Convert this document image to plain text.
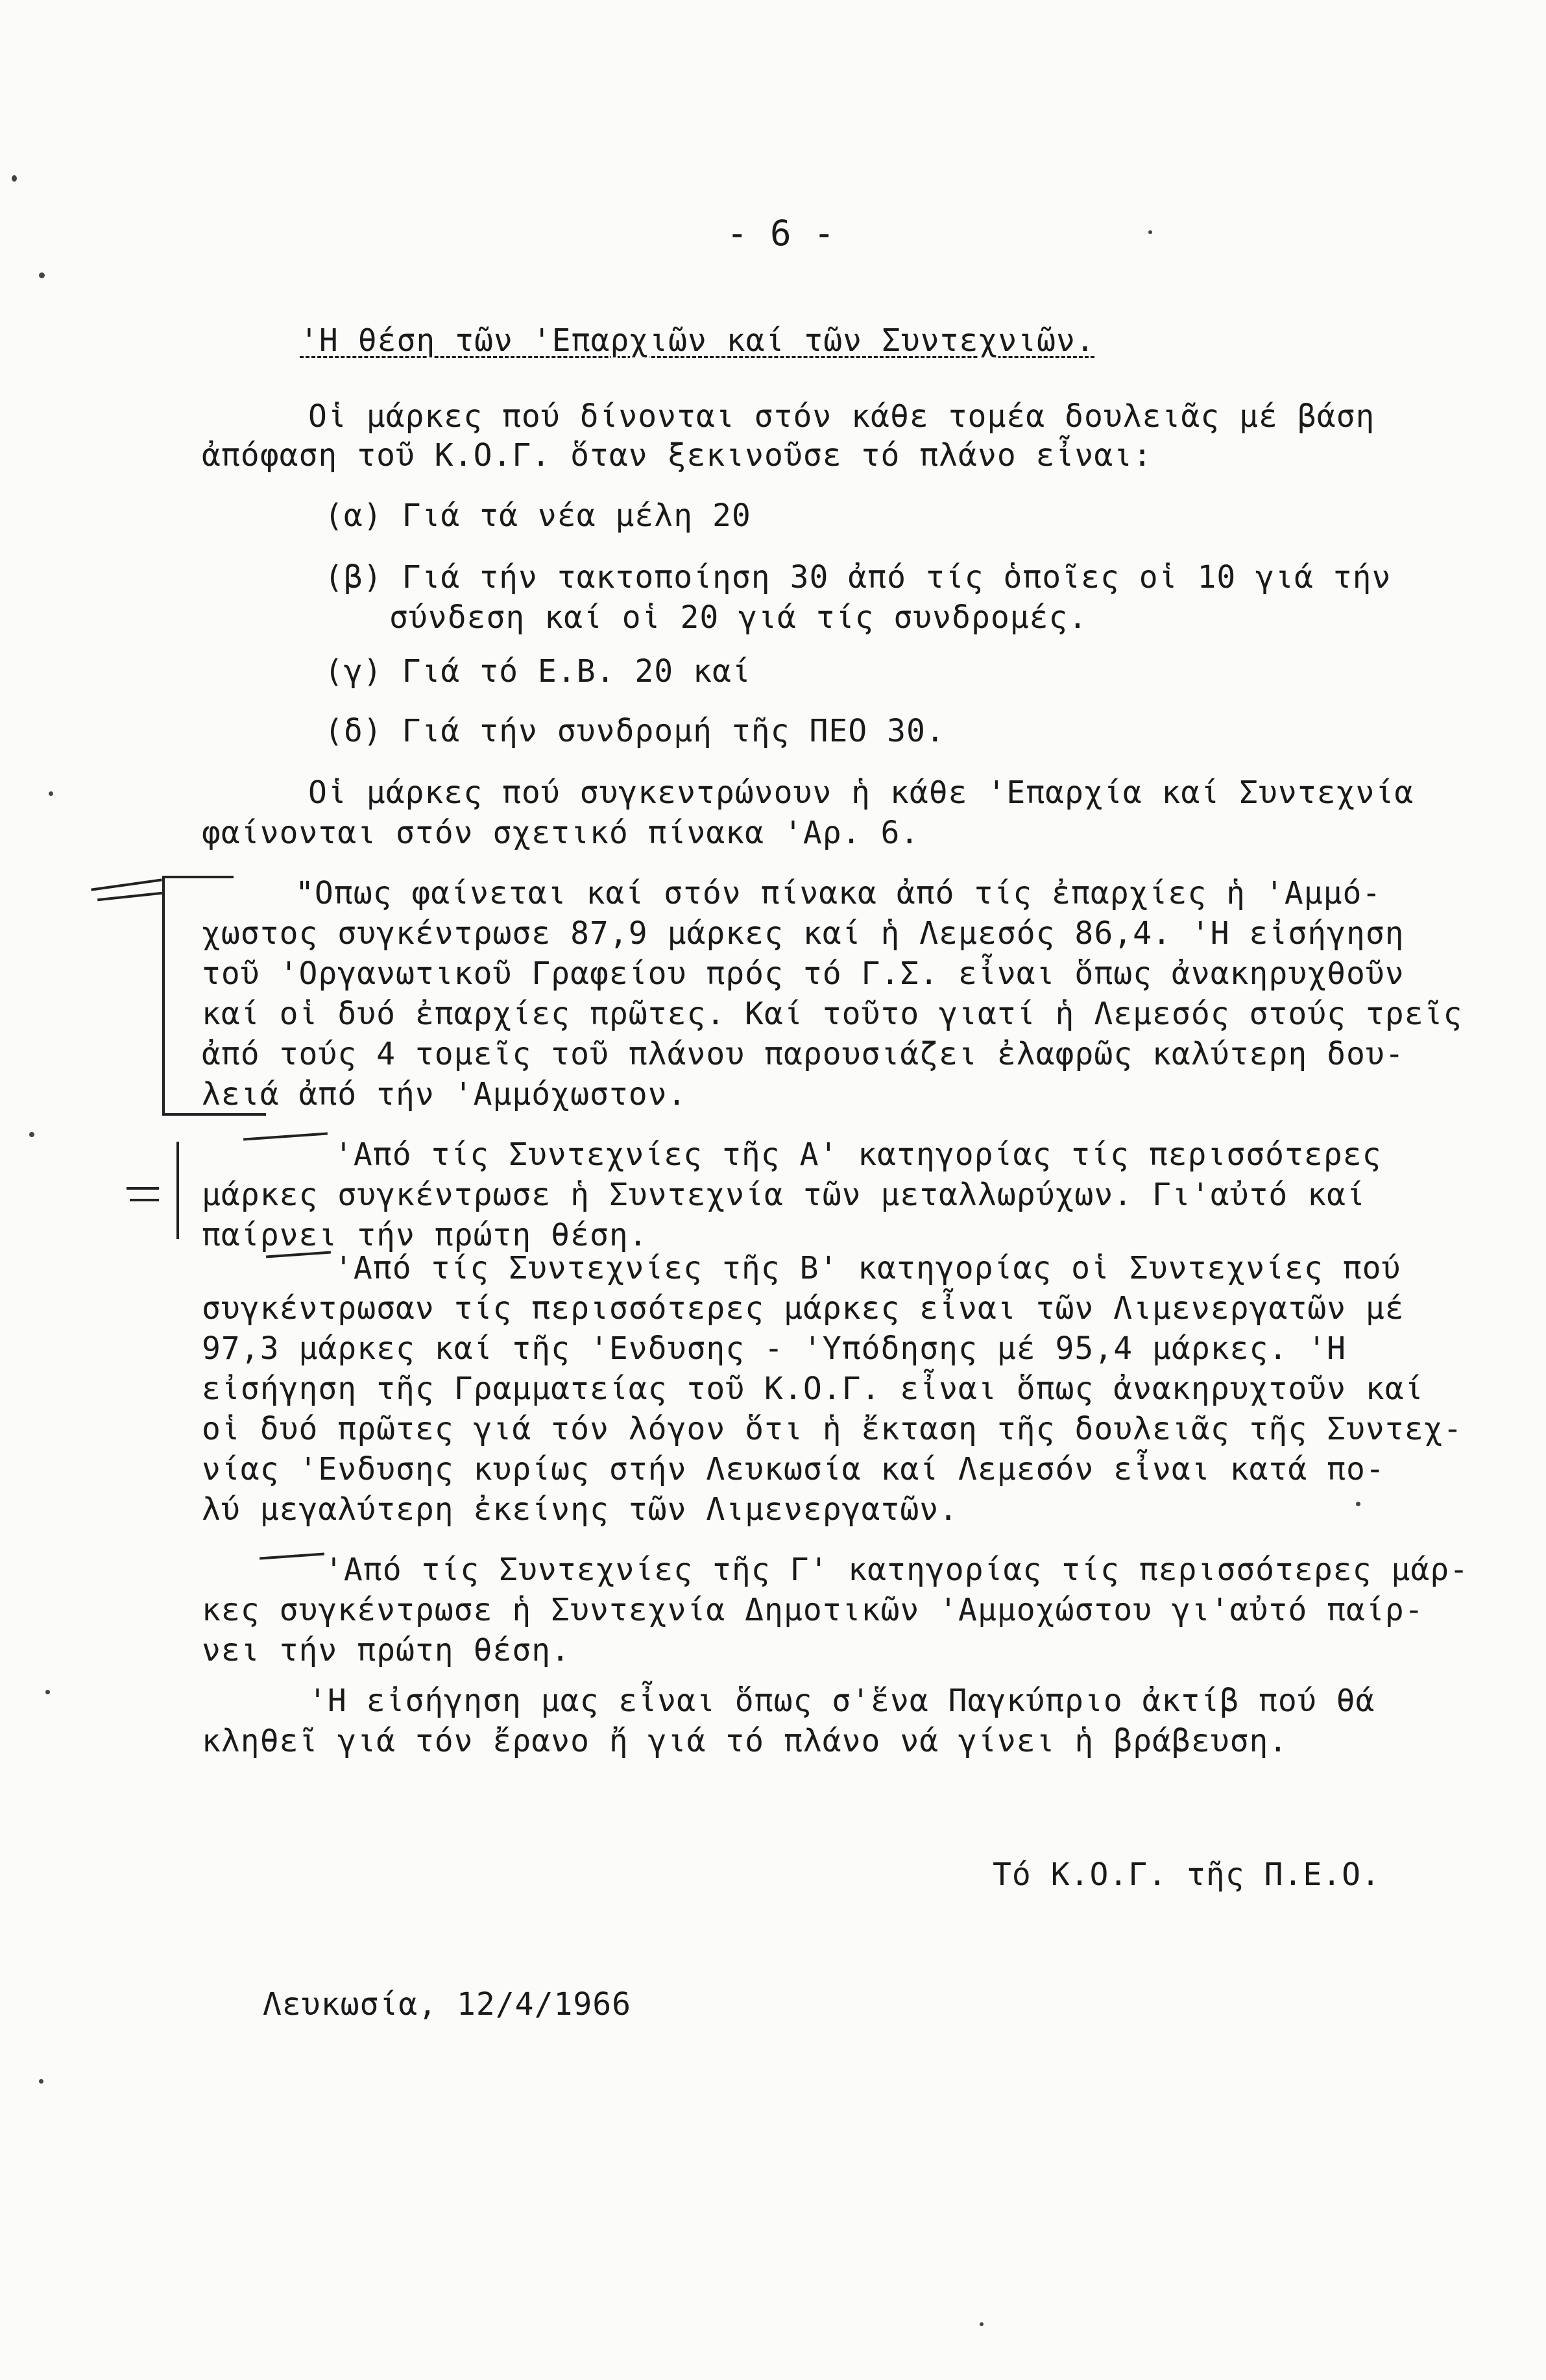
- 6 -
'Η θέση τῶν 'Επαρχιῶν καί τῶν Συντεχνιῶν.
Οἱ μάρκες πού δίνονται στόν κάθε τομέα δουλειᾶς μέ βάση
ἀπόφαση τοῦ Κ.Ο.Γ. ὅταν ξεκινοῦσε τό πλάνο εἶναι:
(α) Γιά τά νέα μέλη 20
(β) Γιά τήν τακτοποίηση 30 ἀπό τίς ὁποῖες οἱ 10 γιά τήν
σύνδεση καί οἱ 20 γιά τίς συνδρομές.
(γ) Γιά τό Ε.Β. 20 καί
(δ) Γιά τήν συνδρομή τῆς ΠΕΟ 30.
Οἱ μάρκες πού συγκεντρώνουν ἡ κάθε 'Επαρχία καί Συντεχνία
φαίνονται στόν σχετικό πίνακα 'Αρ. 6.
"Οπως φαίνεται καί στόν πίνακα ἀπό τίς ἐπαρχίες ἡ 'Αμμό-
χωστος συγκέντρωσε 87,9 μάρκες καί ἡ Λεμεσός 86,4. 'Η εἰσήγηση
τοῦ 'Οργανωτικοῦ Γραφείου πρός τό Γ.Σ. εἶναι ὅπως ἀνακηρυχθοῦν
καί οἱ δυό ἐπαρχίες πρῶτες. Καί τοῦτο γιατί ἡ Λεμεσός στούς τρεῖς
ἀπό τούς 4 τομεῖς τοῦ πλάνου παρουσιάζει ἐλαφρῶς καλύτερη δου-
λειά ἀπό τήν 'Αμμόχωστον.
'Από τίς Συντεχνίες τῆς Α' κατηγορίας τίς περισσότερες
μάρκες συγκέντρωσε ἡ Συντεχνία τῶν μεταλλωρύχων. Γι'αὐτό καί
παίρνει τήν πρώτη θέση.
'Από τίς Συντεχνίες τῆς Β' κατηγορίας οἱ Συντεχνίες πού
συγκέντρωσαν τίς περισσότερες μάρκες εἶναι τῶν Λιμενεργατῶν μέ
97,3 μάρκες καί τῆς 'Ενδυσης - 'Υπόδησης μέ 95,4 μάρκες. 'Η
εἰσήγηση τῆς Γραμματείας τοῦ Κ.Ο.Γ. εἶναι ὅπως ἀνακηρυχτοῦν καί
οἱ δυό πρῶτες γιά τόν λόγον ὅτι ἡ ἔκταση τῆς δουλειᾶς τῆς Συντεχ-
νίας 'Ενδυσης κυρίως στήν Λευκωσία καί Λεμεσόν εἶναι κατά πο-
λύ μεγαλύτερη ἐκείνης τῶν Λιμενεργατῶν.
'Από τίς Συντεχνίες τῆς Γ' κατηγορίας τίς περισσότερες μάρ-
κες συγκέντρωσε ἡ Συντεχνία Δημοτικῶν 'Αμμοχώστου γι'αὐτό παίρ-
νει τήν πρώτη θέση.
'Η εἰσήγηση μας εἶναι ὅπως σ'ἕνα Παγκύπριο ἀκτίβ πού θά
κληθεῖ γιά τόν ἔρανο ἤ γιά τό πλάνο νά γίνει ἡ βράβευση.
Τό Κ.Ο.Γ. τῆς Π.Ε.Ο.
Λευκωσία, 12/4/1966
